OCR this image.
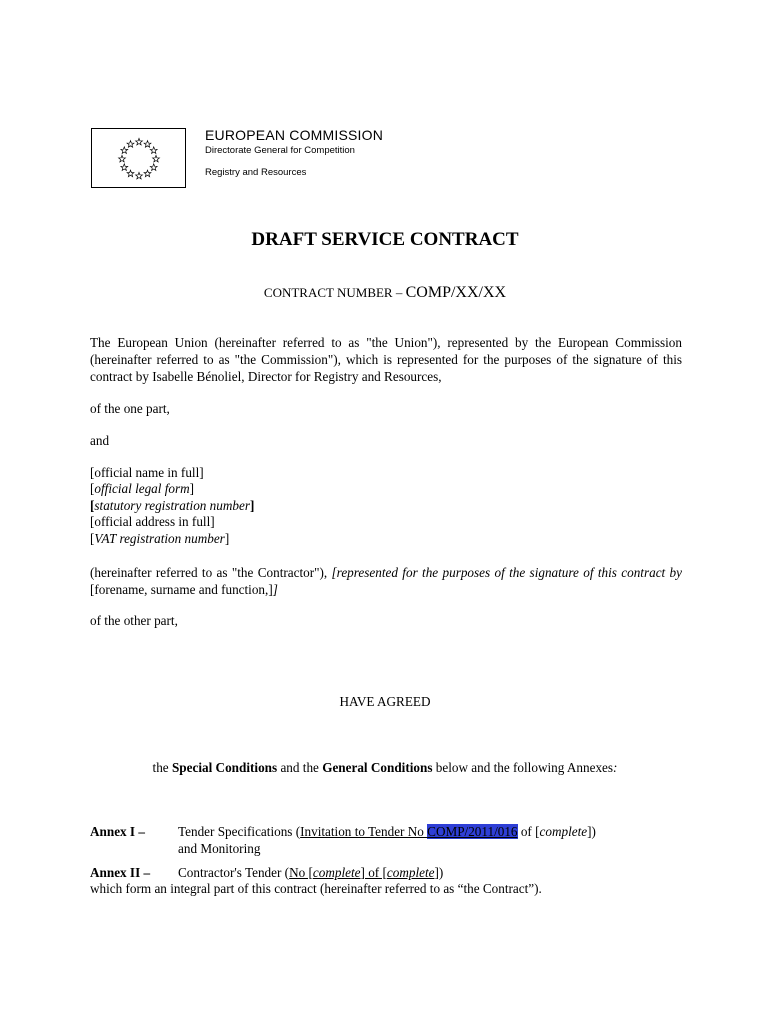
EUROPEAN COMMISSION
Directorate General for Competition
Registry and Resources
DRAFT SERVICE CONTRACT
CONTRACT NUMBER – COMP/XX/XX
The European Union (hereinafter referred to as "the Union"), represented by the European Commission (hereinafter referred to as "the Commission"), which is represented for the purposes of the signature of this contract by Isabelle Bénoliel, Director for Registry and Resources,
of the one part,
and
[official name in full]
[official legal form]
[statutory registration number]
[official address in full]
[VAT registration number]
(hereinafter referred to as "the Contractor"), [represented for the purposes of the signature of this contract by [forename, surname and function,]]
of the other part,
HAVE AGREED
the Special Conditions and the General Conditions below and the following Annexes:
Annex I –	Tender Specifications (Invitation to Tender No COMP/2011/016 of [complete])
and Monitoring
Annex II – Contractor's Tender (No [complete] of [complete])
which form an integral part of this contract (hereinafter referred to as “the Contract”).
